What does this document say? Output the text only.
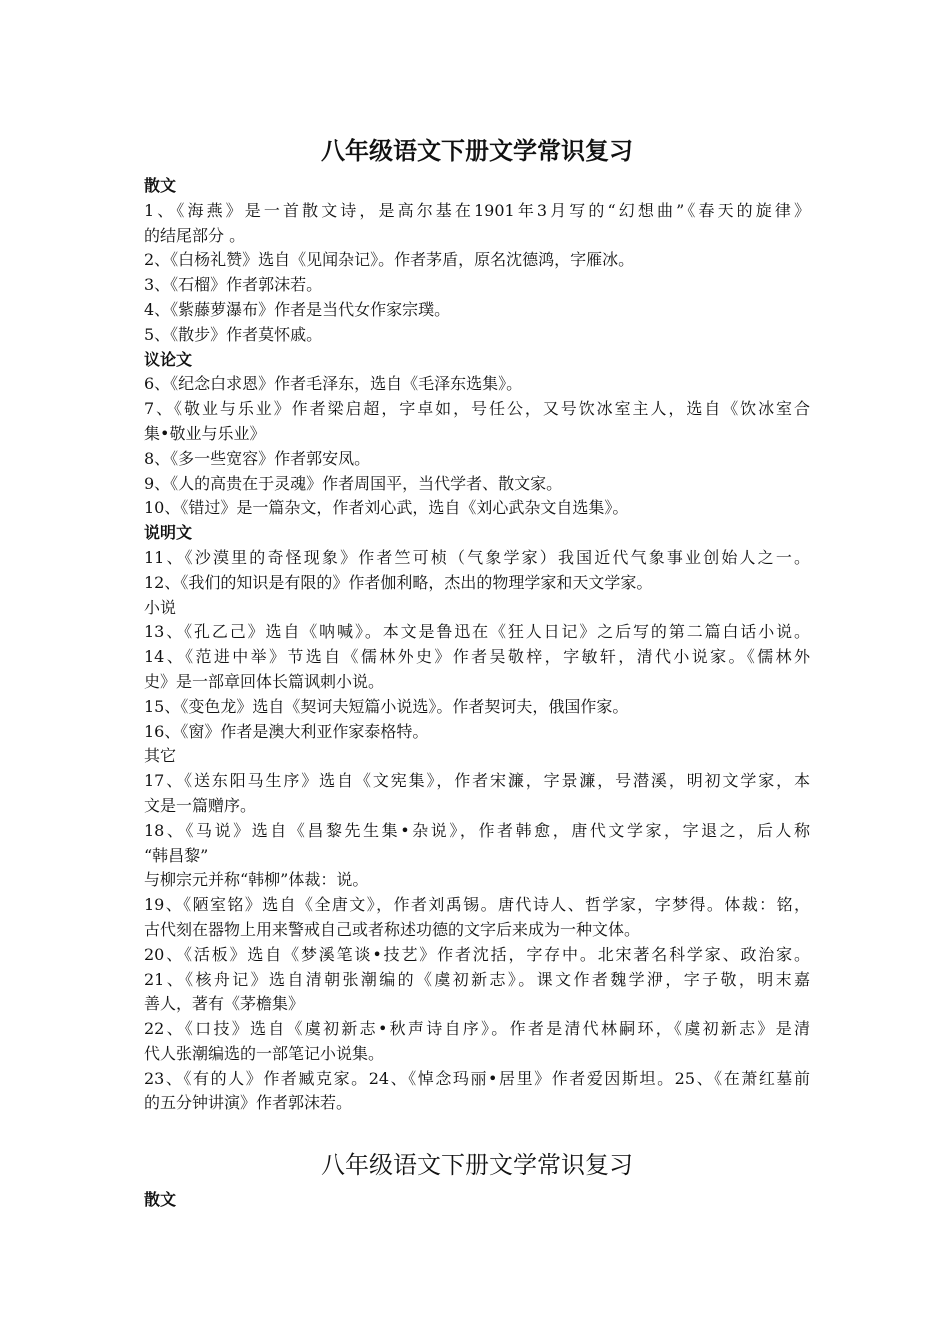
八年级语文下册文学常识复习
散文
1、《海燕》是一首散文诗，是高尔基在1901年3月写的“幻想曲”《春天的旋律》
的结尾部分 。
2、《白杨礼赞》选自《见闻杂记》。作者茅盾，原名沈德鸿，字雁冰。
3、《石榴》作者郭沫若。
4、《紫藤萝瀑布》作者是当代女作家宗璞。
5、《散步》作者莫怀戚。
议论文
6、《纪念白求恩》作者毛泽东，选自《毛泽东选集》。
7、《敬业与乐业》作者梁启超，字卓如，号任公，又号饮冰室主人，选自《饮冰室合
集•敬业与乐业》
8、《多一些宽容》作者郭安凤。
9、《人的高贵在于灵魂》作者周国平，当代学者、散文家。
10、《错过》是一篇杂文，作者刘心武，选自《刘心武杂文自选集》。
说明文
11、《沙漠里的奇怪现象》作者竺可桢（气象学家）我国近代气象事业创始人之一。
12、《我们的知识是有限的》作者伽利略，杰出的物理学家和天文学家。
小说
13、《孔乙己》选自《呐喊》。本文是鲁迅在《狂人日记》之后写的第二篇白话小说。
14、《范进中举》节选自《儒林外史》作者吴敬梓，字敏轩，清代小说家。《儒林外
史》是一部章回体长篇讽刺小说。
15、《变色龙》选自《契诃夫短篇小说选》。作者契诃夫，俄国作家。
16、《窗》作者是澳大利亚作家泰格特。
其它
17、《送东阳马生序》选自《文宪集》，作者宋濂，字景濂，号潜溪，明初文学家，本
文是一篇赠序。
18、《马说》选自《昌黎先生集•杂说》，作者韩愈，唐代文学家，字退之，后人称
“韩昌黎”
与柳宗元并称“韩柳”体裁：说。
19、《陋室铭》选自《全唐文》，作者刘禹锡。唐代诗人、哲学家，字梦得。体裁：铭，
古代刻在器物上用来警戒自己或者称述功德的文字后来成为一种文体。
20、《活板》选自《梦溪笔谈•技艺》作者沈括，字存中。北宋著名科学家、政治家。
21、《核舟记》选自清朝张潮编的《虞初新志》。课文作者魏学洢，字子敬，明末嘉
善人，著有《茅檐集》
22、《口技》选自《虞初新志•秋声诗自序》。作者是清代林嗣环，《虞初新志》是清
代人张潮编选的一部笔记小说集。
23、《有的人》作者臧克家。24、《悼念玛丽•居里》作者爱因斯坦。25、《在萧红墓前
的五分钟讲演》作者郭沫若。
八年级语文下册文学常识复习
散文
